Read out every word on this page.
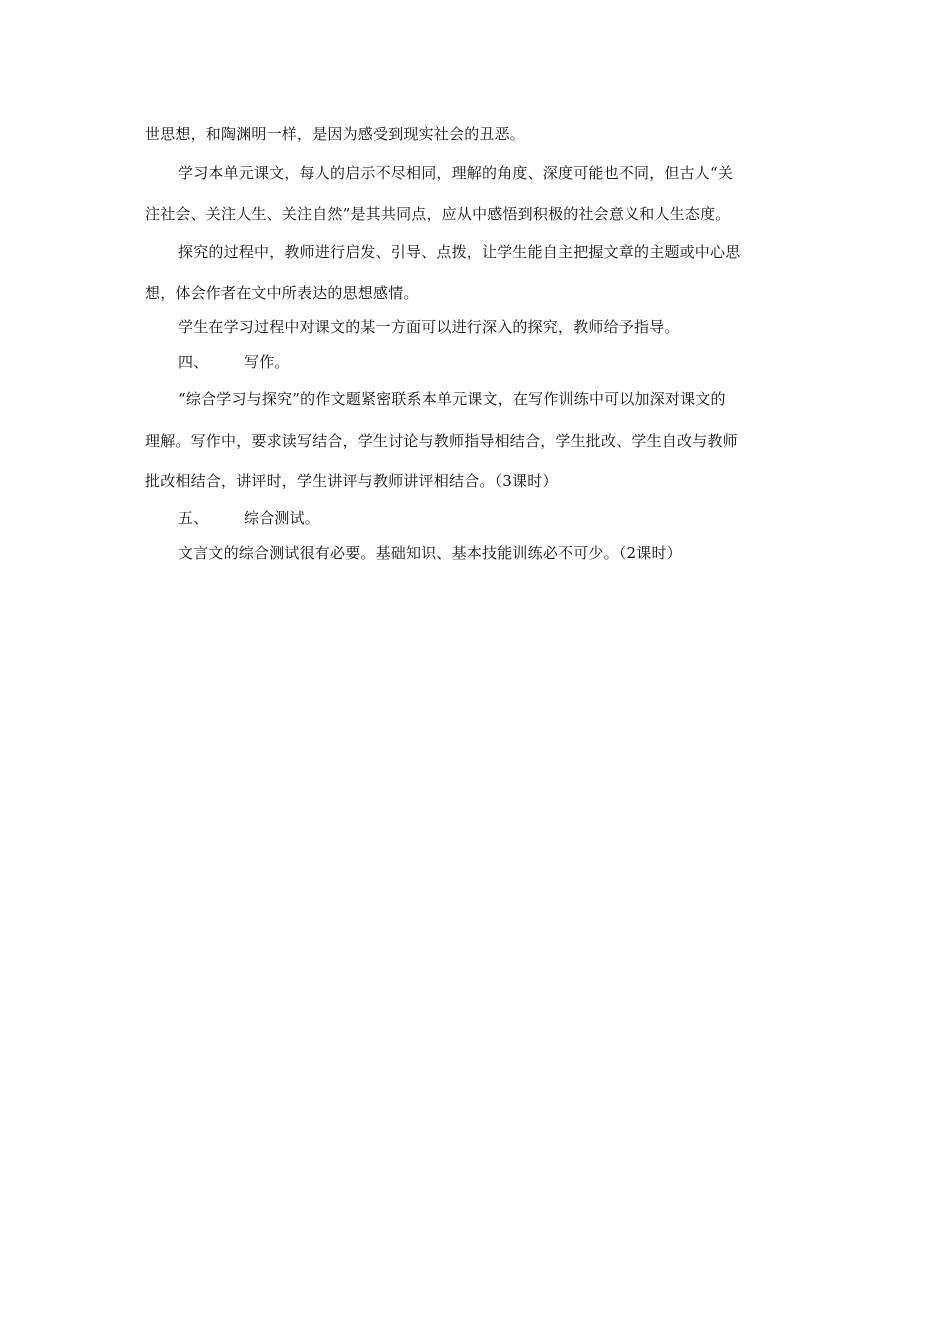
世思想，和陶渊明一样，是因为感受到现实社会的丑恶。
学习本单元课文，每人的启示不尽相同，理解的角度、深度可能也不同，但古人“关
注社会、关注人生、关注自然”是其共同点，应从中感悟到积极的社会意义和人生态度。
探究的过程中，教师进行启发、引导、点拨，让学生能自主把握文章的主题或中心思
想，体会作者在文中所表达的思想感情。
学生在学习过程中对课文的某一方面可以进行深入的探究，教师给予指导。
四、 写作。
“综合学习与探究”的作文题紧密联系本单元课文，在写作训练中可以加深对课文的
理解。写作中，要求读写结合，学生讨论与教师指导相结合，学生批改、学生自改与教师
批改相结合，讲评时，学生讲评与教师讲评相结合。（3课时）
五、 综合测试。
文言文的综合测试很有必要。基础知识、基本技能训练必不可少。（2课时）
